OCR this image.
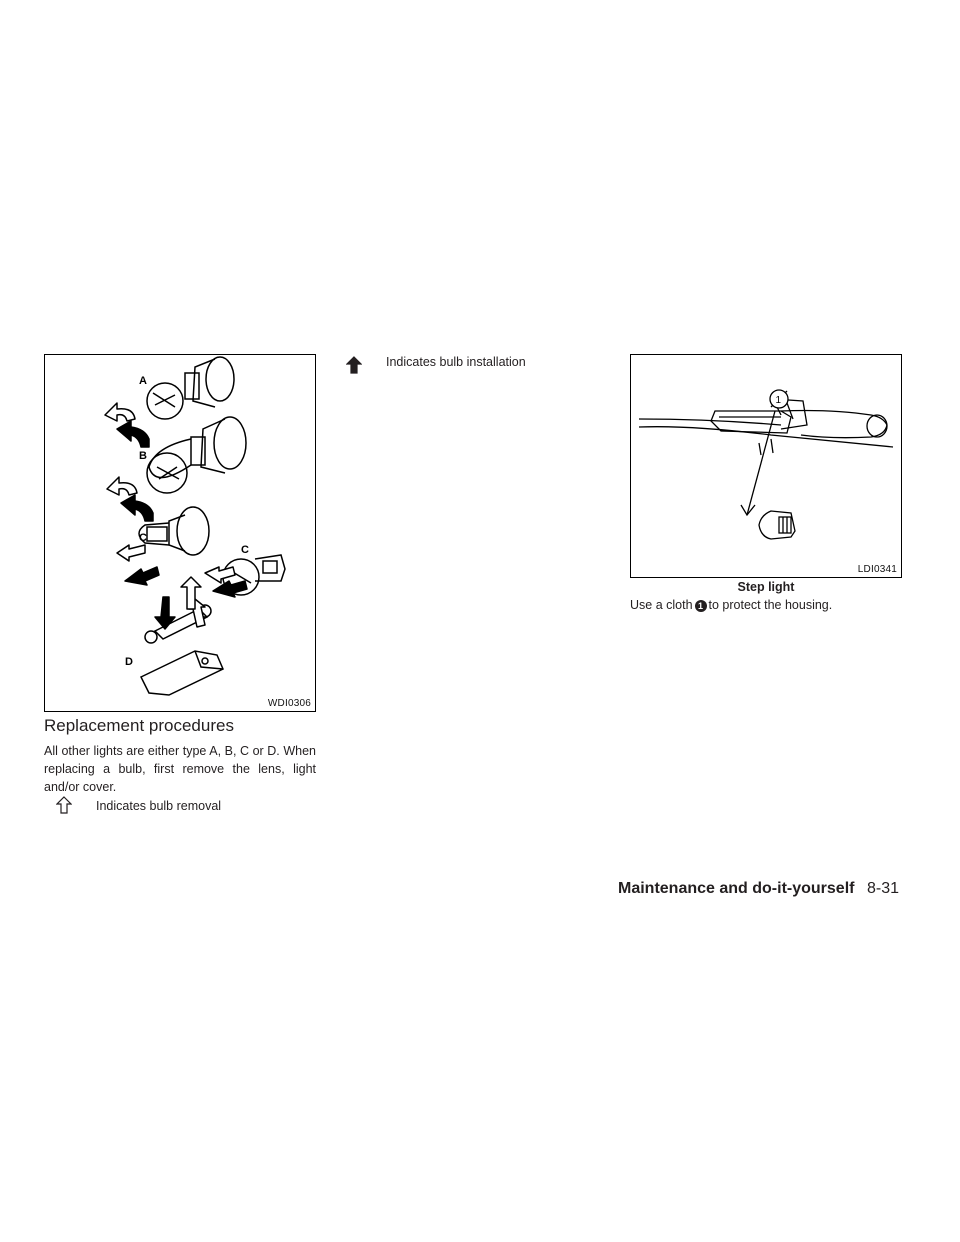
A
B
C
C
D
WDI0306
Replacement procedures
All other lights are either type A, B, C or D. When replacing a bulb, first remove the lens, light and/or cover.
Indicates bulb removal
Indicates bulb installation
1
LDI0341
Step light
Use a cloth 1 to protect the housing.
Maintenance and do-it-yourself 8-31
